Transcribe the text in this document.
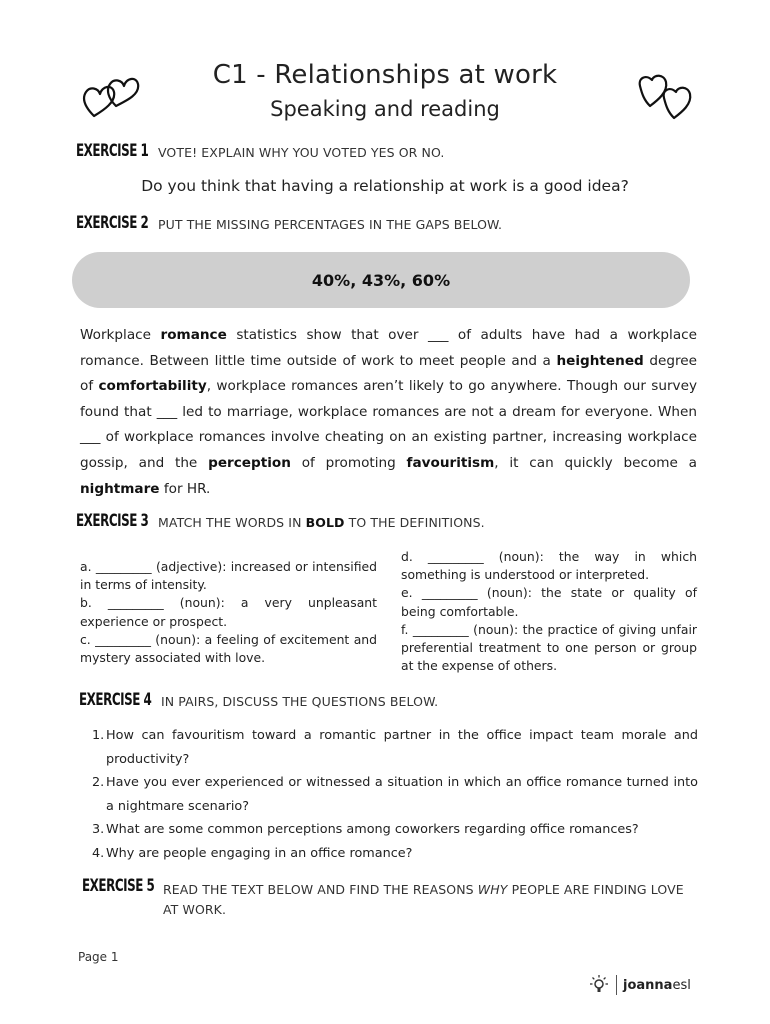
C1 - Relationships at work
Speaking and reading
EXERCISE 1 VOTE! EXPLAIN WHY YOU VOTED YES OR NO.
Do you think that having a relationship at work is a good idea?
EXERCISE 2 PUT THE MISSING PERCENTAGES IN THE GAPS BELOW.
40%, 43%, 60%
Workplace romance statistics show that over ___ of adults have had a workplace romance. Between little time outside of work to meet people and a heightened degree of comfortability, workplace romances aren’t likely to go anywhere. Though our survey found that ___ led to marriage, workplace romances are not a dream for everyone. When ___ of workplace romances involve cheating on an existing partner, increasing workplace gossip, and the perception of promoting favouritism, it can quickly become a nightmare for HR.
EXERCISE 3 MATCH THE WORDS IN BOLD TO THE DEFINITIONS.
a. _________ (adjective): increased or intensified in terms of intensity.
b. _________ (noun): a very unpleasant experience or prospect.
c. _________ (noun): a feeling of excitement and mystery associated with love.
d. _________ (noun): the way in which something is understood or interpreted.
e. _________ (noun): the state or quality of being comfortable.
f. _________ (noun): the practice of giving unfair preferential treatment to one person or group at the expense of others.
EXERCISE 4 IN PAIRS, DISCUSS THE QUESTIONS BELOW.
1. How can favouritism toward a romantic partner in the office impact team morale and productivity?
2. Have you ever experienced or witnessed a situation in which an office romance turned into a nightmare scenario?
3. What are some common perceptions among coworkers regarding office romances?
4. Why are people engaging in an office romance?
EXERCISE 5 READ THE TEXT BELOW AND FIND THE REASONS WHY PEOPLE ARE FINDING LOVE AT WORK.
Page 1
joannaesl
